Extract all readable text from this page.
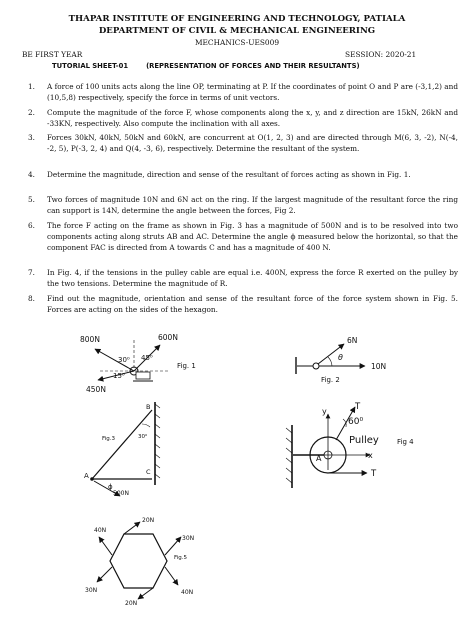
THAPAR INSTITUTE OF ENGINEERING AND TECHNOLOGY, PATIALA
DEPARTMENT OF CIVIL & MECHANICAL ENGINEERING
MECHANICS-UES009
BE FIRST YEAR	SESSION: 2020-21
TUTORIAL SHEET-01	(REPRESENTATION OF FORCES AND THEIR RESULTANTS)
1. A force of 100 units acts along the line OP, terminating at P. If the coordinates of point O and P are (-3,1,2) and (10,5,8) respectively, specify the force in terms of unit vectors.
2. Compute the magnitude of the force F, whose components along the x, y, and z direction are 15kN, 26kN and -33KN, respectively. Also compute the inclination with all axes.
3. Forces 30kN, 40kN, 50kN and 60kN, are concurrent at O(1, 2, 3) and are directed through M(6, 3, -2), N(-4, -2, 5), P(-3, 2, 4) and Q(4, -3, 6), respectively. Determine the resultant of the system.
4. Determine the magnitude, direction and sense of the resultant of forces acting as shown in Fig. 1.
5. Two forces of magnitude 10N and 6N act on the ring. If the largest magnitude of the resultant force the ring can support is 14N, determine the angle between the forces, Fig 2.
6. The force F acting on the frame as shown in Fig. 3 has a magnitude of 500N and is to be resolved into two components acting along struts AB and AC. Determine the angle ϕ measured below the horizontal, so that the component FAC is directed from A towards C and has a magnitude of 400 N.
7. In Fig. 4, if the tensions in the pulley cable are equal i.e. 400N, express the force R exerted on the pulley by the two tensions. Determine the magnitude of R.
8. Find out the magnitude, orientation and sense of the resultant force of the force system shown in Fig. 5. Forces are acting on the sides of the hexagon.
800N	600N
450N
30⁰ 45⁰
15⁰
Fig. 1
6N
10N
θ
Fig. 2
B
A	C
30⁰
ϕ
500N
Fig.3
y
x
T
T
60⁰
Pulley
A
Fig 4
20N
40N
30N
30N
20N
40N
Fig.5
